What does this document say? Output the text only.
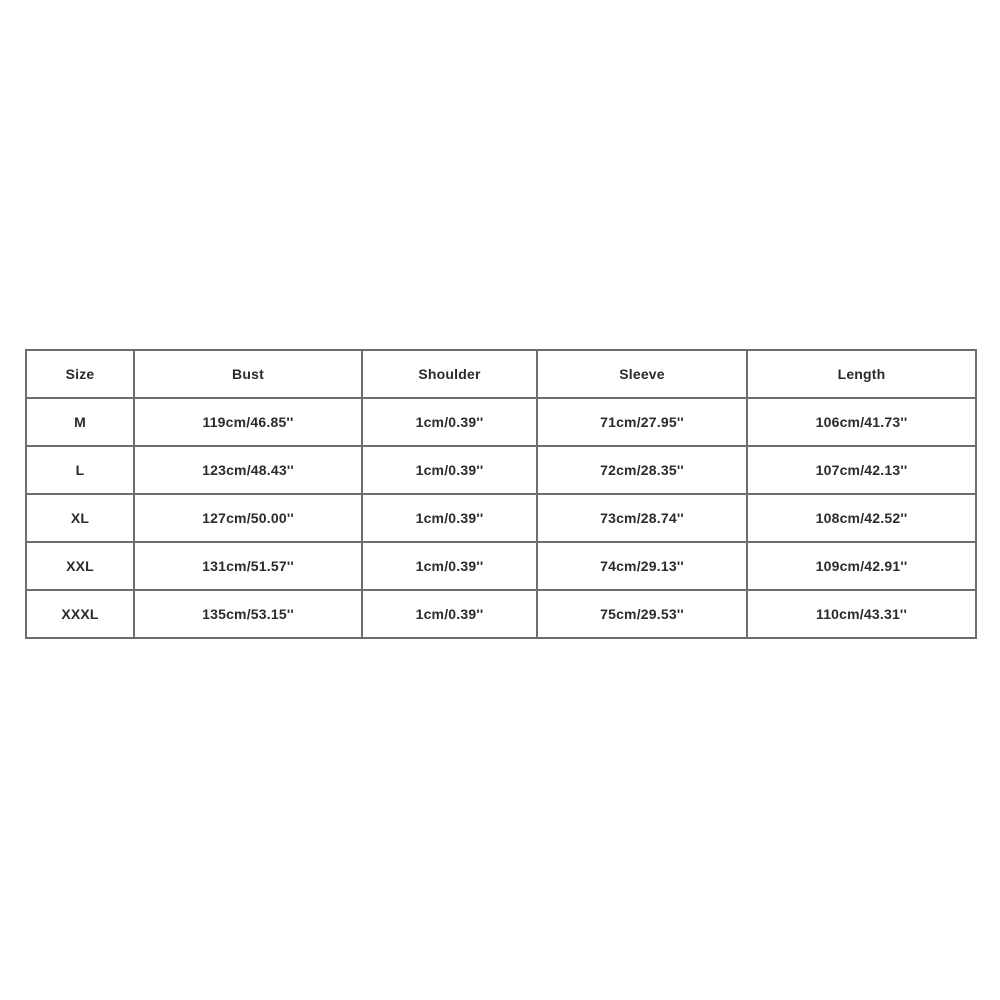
Size	Bust	Shoulder	Sleeve	Length
M	119cm/46.85''	1cm/0.39''	71cm/27.95''	106cm/41.73''
L	123cm/48.43''	1cm/0.39''	72cm/28.35''	107cm/42.13''
XL	127cm/50.00''	1cm/0.39''	73cm/28.74''	108cm/42.52''
XXL	131cm/51.57''	1cm/0.39''	74cm/29.13''	109cm/42.91''
XXXL	135cm/53.15''	1cm/0.39''	75cm/29.53''	110cm/43.31''
